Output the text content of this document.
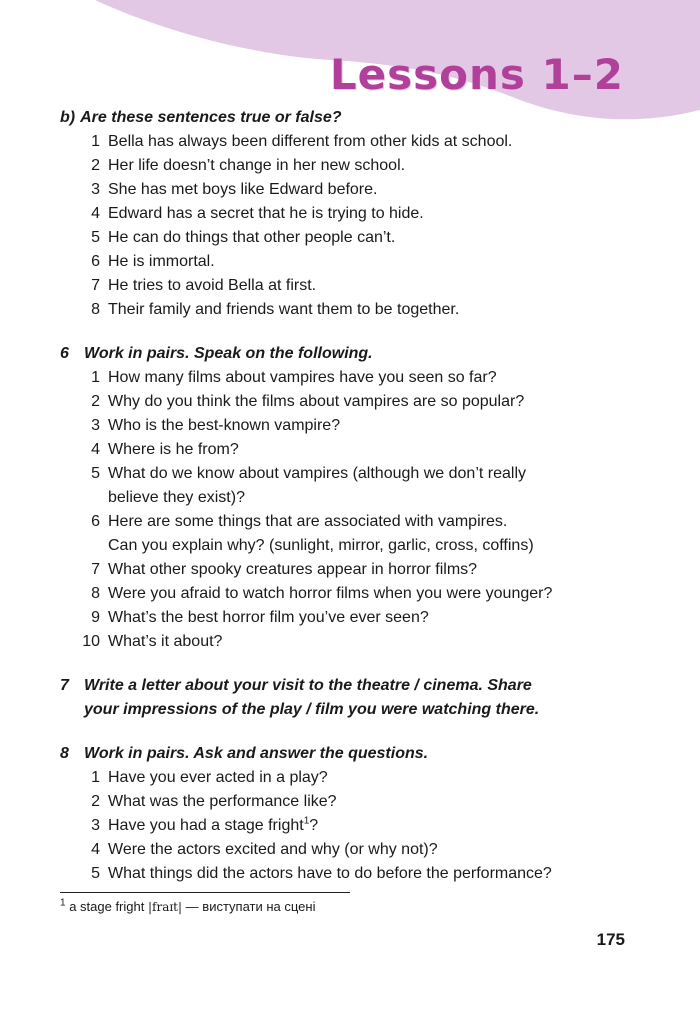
Lessons 1–2

b) Are these sentences true or false?

1 Bella has always been different from other kids at school.
2 Her life doesn’t change in her new school.
3 She has met boys like Edward before.
4 Edward has a secret that he is trying to hide.
5 He can do things that other people can’t.
6 He is immortal.
7 He tries to avoid Bella at first.
8 Their family and friends want them to be together.

6 Work in pairs. Speak on the following.

1 How many films about vampires have you seen so far?
2 Why do you think the films about vampires are so popular?
3 Who is the best-known vampire?
4 Where is he from?
5 What do we know about vampires (although we don’t really
believe they exist)?
6 Here are some things that are associated with vampires.
Can you explain why? (sunlight, mirror, garlic, cross, coffins)
7 What other spooky creatures appear in horror films?
8 Were you afraid to watch horror films when you were younger?
9 What’s the best horror film you’ve ever seen?
10 What’s it about?

7 Write a letter about your visit to the theatre / cinema. Share
your impressions of the play / film you were watching there.

8 Work in pairs. Ask and answer the questions.

1 Have you ever acted in a play?
2 What was the performance like?
3 Have you had a stage fright$^1$?
4 Were the actors excited and why (or why not)?
5 What things did the actors have to do before the performance?
$^1$ a stage fright |fraɪt| — виступати на сцені
175
